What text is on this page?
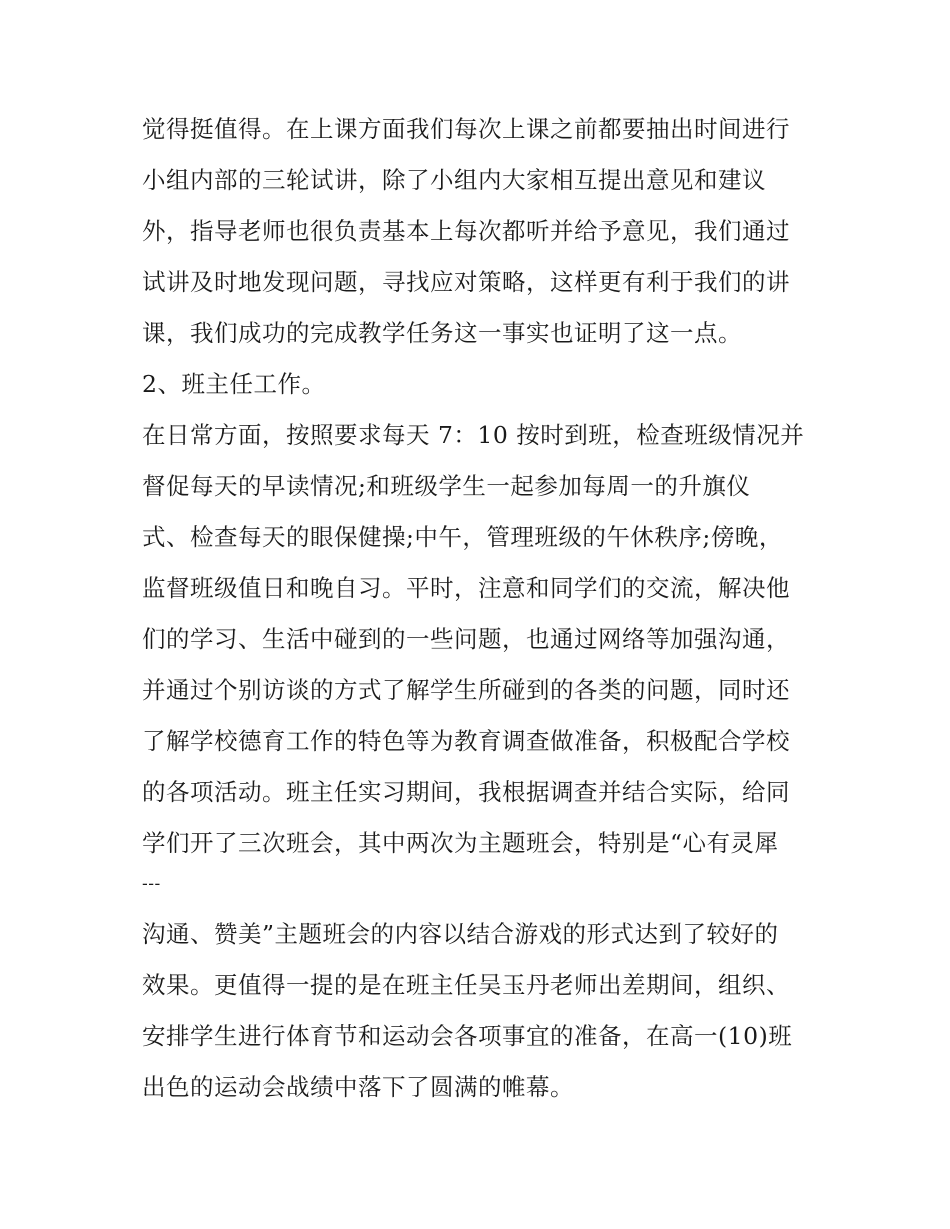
觉得挺值得。在上课方面我们每次上课之前都要抽出时间进行
小组内部的三轮试讲，除了小组内大家相互提出意见和建议
外，指导老师也很负责基本上每次都听并给予意见，我们通过
试讲及时地发现问题，寻找应对策略，这样更有利于我们的讲
课，我们成功的完成教学任务这一事实也证明了这一点。
2、班主任工作。
在日常方面，按照要求每天 7：10 按时到班，检查班级情况并
督促每天的早读情况;和班级学生一起参加每周一的升旗仪
式、检查每天的眼保健操;中午，管理班级的午休秩序;傍晚，
监督班级值日和晚自习。平时，注意和同学们的交流，解决他
们的学习、生活中碰到的一些问题，也通过网络等加强沟通，
并通过个别访谈的方式了解学生所碰到的各类的问题，同时还
了解学校德育工作的特色等为教育调查做准备，积极配合学校
的各项活动。班主任实习期间，我根据调查并结合实际，给同
学们开了三次班会，其中两次为主题班会，特别是“心有灵犀
---
沟通、赞美”主题班会的内容以结合游戏的形式达到了较好的
效果。更值得一提的是在班主任吴玉丹老师出差期间，组织、
安排学生进行体育节和运动会各项事宜的准备，在高一(10)班
出色的运动会战绩中落下了圆满的帷幕。
